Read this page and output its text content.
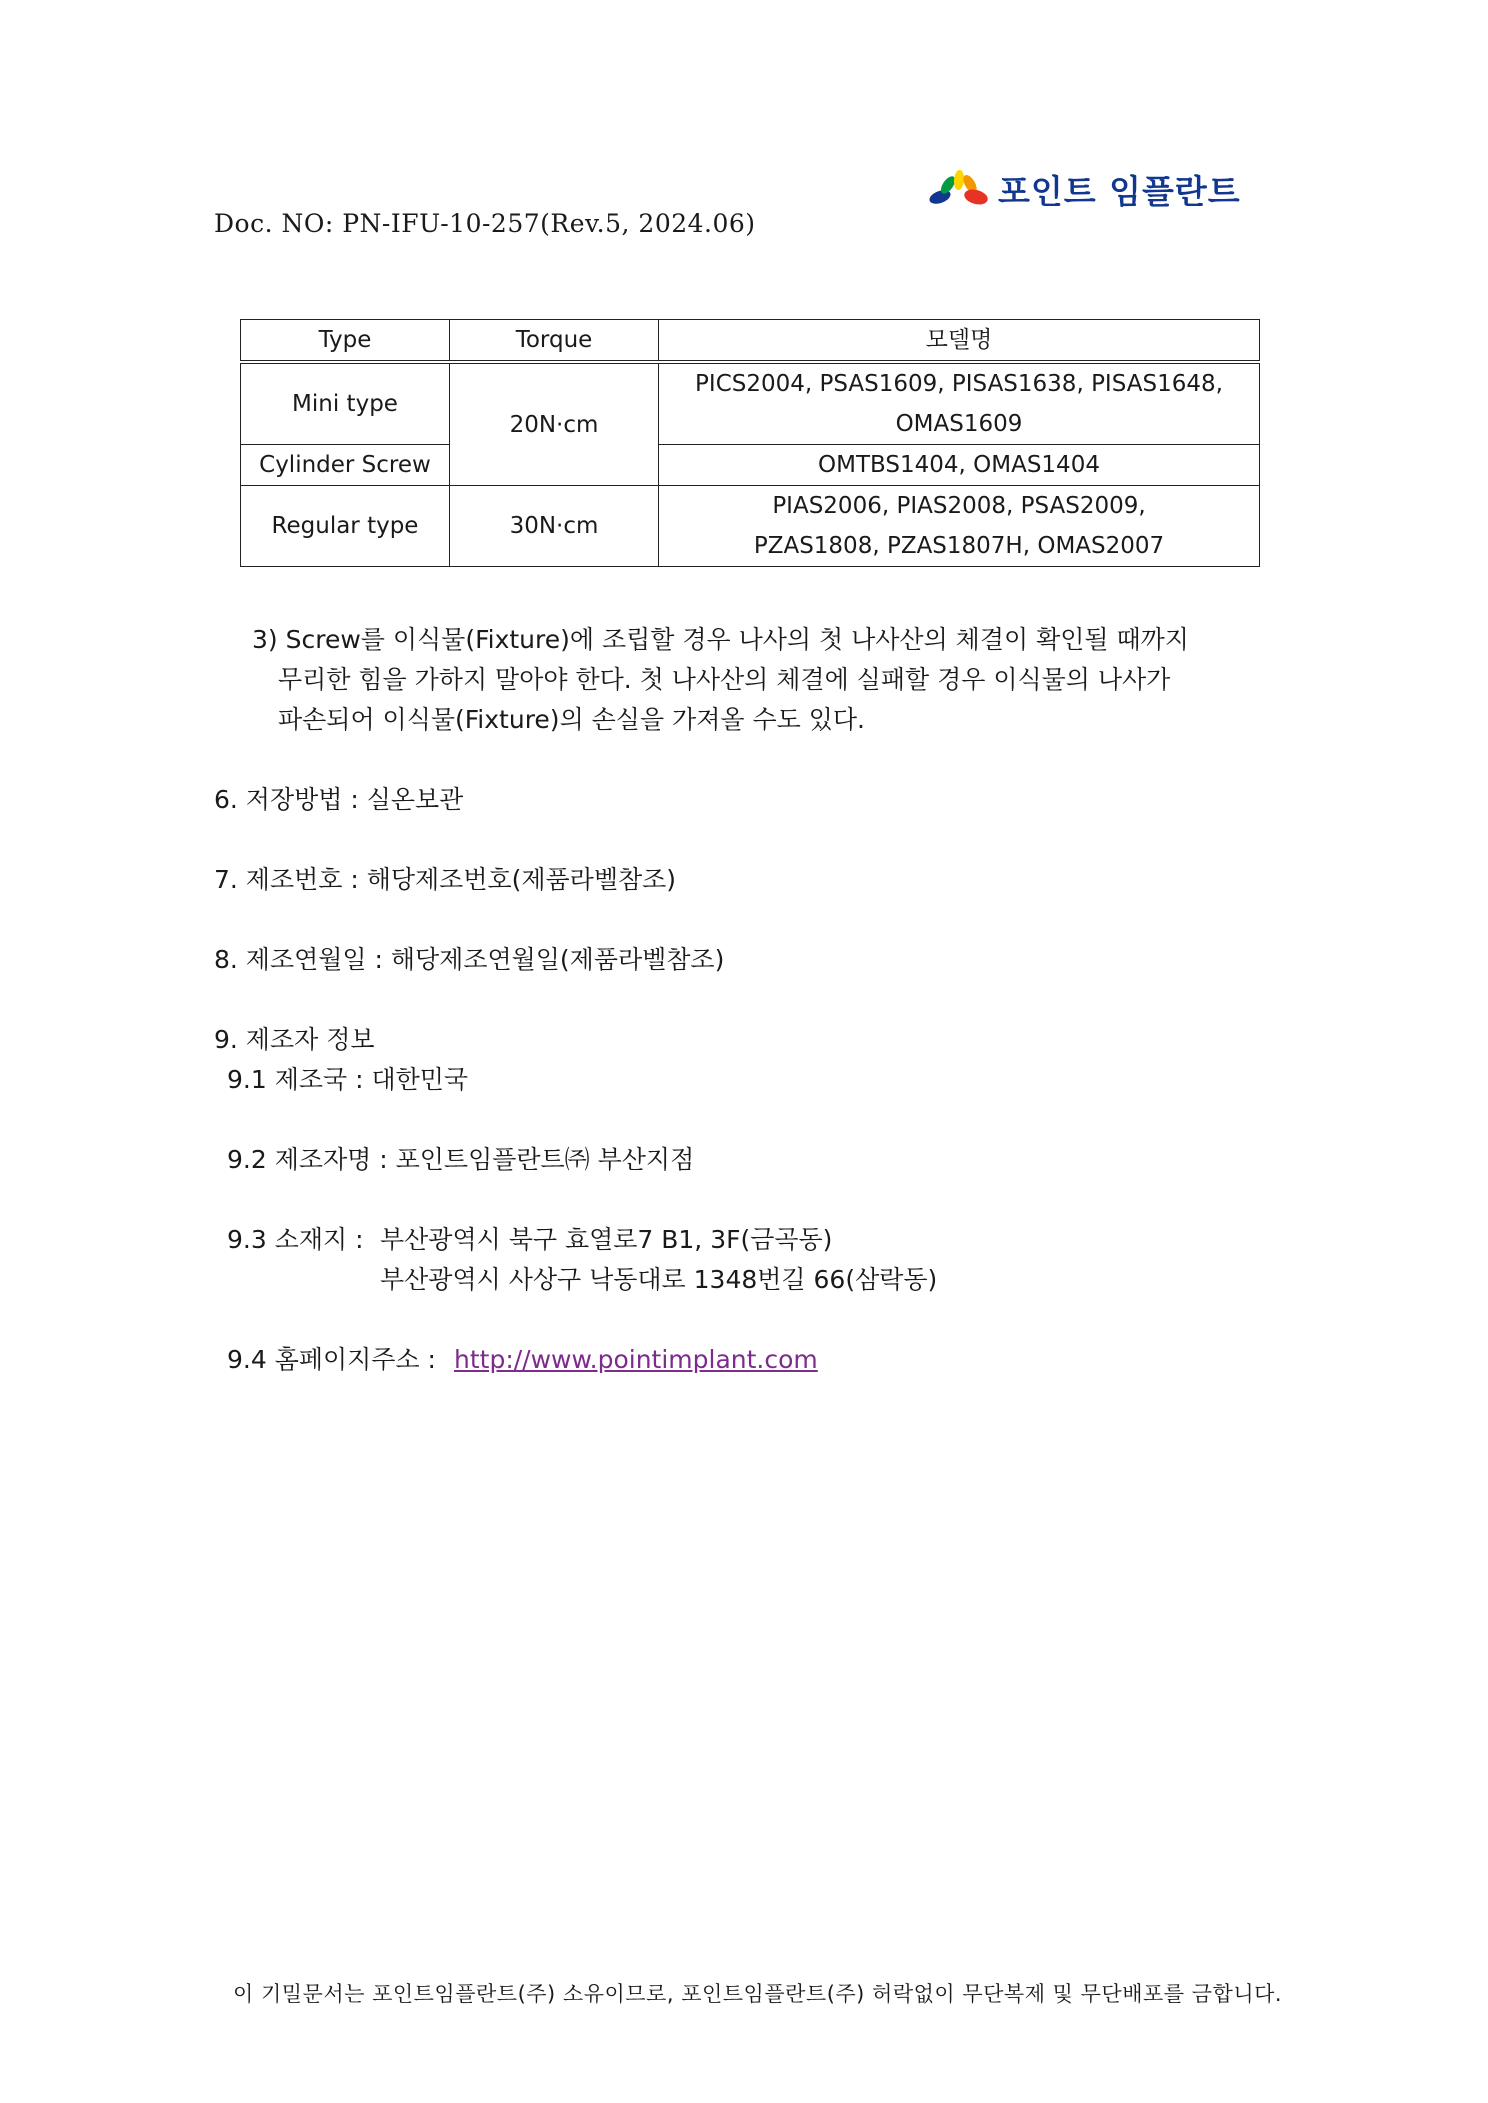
Doc. NO: PN-IFU-10-257(Rev.5, 2024.06)
포인트 임플란트
Type	Torque	모델명
Mini type	20N·cm	PICS2004, PSAS1609, PISAS1638, PISAS1648,
OMAS1609

Cylinder Screw		OMTBS1404, OMAS1404
Regular type	30N·cm	PIAS2006, PIAS2008, PSAS2009,
PZAS1808, PZAS1807H, OMAS2007
3) Screw를 이식물(Fixture)에 조립할 경우 나사의 첫 나사산의 체결이 확인될 때까지
무리한 힘을 가하지 말아야 한다. 첫 나사산의 체결에 실패할 경우 이식물의 나사가
파손되어 이식물(Fixture)의 손실을 가져올 수도 있다.
6. 저장방법 : 실온보관
7. 제조번호 : 해당제조번호(제품라벨참조)
8. 제조연월일 : 해당제조연월일(제품라벨참조)
9. 제조자 정보
9.1 제조국 : 대한민국
9.2 제조자명 : 포인트임플란트㈜ 부산지점
9.3 소재지 : 부산광역시 북구 효열로7 B1, 3F(금곡동)
부산광역시 사상구 낙동대로 1348번길 66(삼락동)
9.4 홈페이지주소 : http://www.pointimplant.com
이 기밀문서는 포인트임플란트(주) 소유이므로, 포인트임플란트(주) 허락없이 무단복제 및 무단배포를 금합니다.
